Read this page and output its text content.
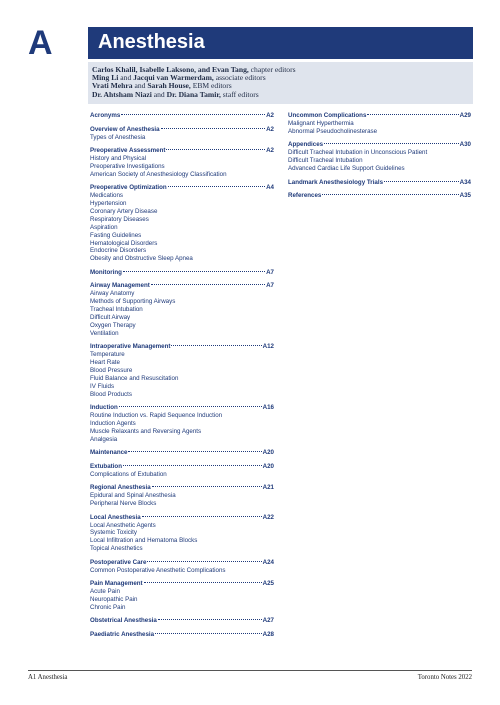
A Anesthesia
Carlos Khalil, Isabelle Laksono, and Evan Tang, chapter editors
Ming Li and Jacqui van Warmerdam, associate editors
Vrati Mehra and Sarah House, EBM editors
Dr. Ahtsham Niazi and Dr. Diana Tamir, staff editors
Acronyms	A2
Overview of Anesthesia	A2
Types of Anesthesia
Preoperative Assessment	A2
History and Physical
Preoperative Investigations
American Society of Anesthesiology Classification
Preoperative Optimization	A4
Medications
Hypertension
Coronary Artery Disease
Respiratory Diseases
Aspiration
Fasting Guidelines
Hematological Disorders
Endocrine Disorders
Obesity and Obstructive Sleep Apnea
Monitoring	A7
Airway Management	A7
Airway Anatomy
Methods of Supporting Airways
Tracheal Intubation
Difficult Airway
Oxygen Therapy
Ventilation
Intraoperative Management	A12
Temperature
Heart Rate
Blood Pressure
Fluid Balance and Resuscitation
IV Fluids
Blood Products
Induction	A16
Routine Induction vs. Rapid Sequence Induction
Induction Agents
Muscle Relaxants and Reversing Agents
Analgesia
Maintenance	A20
Extubation	A20
Complications of Extubation
Regional Anesthesia	A21
Epidural and Spinal Anesthesia
Peripheral Nerve Blocks
Local Anesthesia	A22
Local Anesthetic Agents
Systemic Toxicity
Local Infiltration and Hematoma Blocks
Topical Anesthetics
Postoperative Care	A24
Common Postoperative Anesthetic Complications
Pain Management	A25
Acute Pain
Neuropathic Pain
Chronic Pain
Obstetrical Anesthesia	A27
Paediatric Anesthesia	A28
Uncommon Complications	A29
Malignant Hyperthermia
Abnormal Pseudocholinesterase
Appendices	A30
Difficult Tracheal Intubation in Unconscious Patient
Difficult Tracheal Intubation
Advanced Cardiac Life Support Guidelines
Landmark Anesthesiology Trials	A34
References	A35
A1 Anesthesia	Toronto Notes 2022
